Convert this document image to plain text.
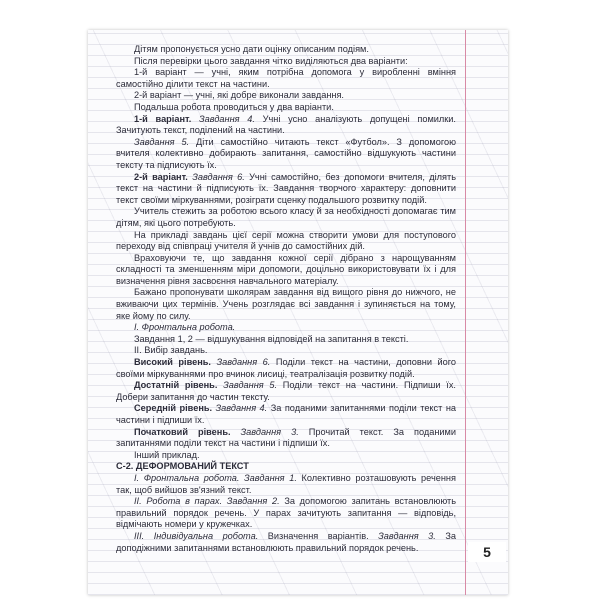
Дітям пропонується усно дати оцінку описаним подіям.

Після перевірки цього завдання чітко виділяються два варіанти:

1-й варіант — учні, яким потрібна допомога у виробленні вміння самостійно ділити текст на частини.

2-й варіант — учні, які добре виконали завдання.

Подальша робота проводиться у два варіанти.

1-й варіант. Завдання 4. Учні усно аналізують допущені помилки. Зачитують текст, поділений на частини.

Завдання 5. Діти самостійно читають текст «Футбол». З допомогою вчителя колективно добирають запитання, самостійно відшукують частини тексту та підписують їх.

2-й варіант. Завдання 6. Учні самостійно, без допомоги вчителя, ділять текст на частини й підписують їх. Завдання творчого характеру: доповнити текст своїми міркуваннями, розіграти сценку подальшого розвитку подій.

Учитель стежить за роботою всього класу й за необхідності допомагає тим дітям, які цього потребують.

На прикладі завдань цієї серії можна створити умови для поступового переходу від співпраці учителя й учнів до самостійних дій.

Враховуючи те, що завдання кожної серії дібрано з нарощуванням складності та зменшенням міри допомоги, доцільно використовувати їх і для визначення рівня засвоєння навчального матеріалу.

Бажано пропонувати школярам завдання від вищого рівня до нижчого, не вживаючи цих термінів. Учень розглядає всі завдання і зупиняється на тому, яке йому по силу.

І. Фронтальна робота.

Завдання 1, 2 — відшукування відповідей на запитання в тексті.

ІІ. Вибір завдань.

Високий рівень. Завдання 6. Поділи текст на частини, доповни його своїми міркуваннями про вчинок лисиці, театралізація розвитку подій.

Достатній рівень. Завдання 5. Поділи текст на частини. Підпиши їх. Добери запитання до частин тексту.

Середній рівень. Завдання 4. За поданими запитаннями поділи текст на частини і підпиши їх.

Початковий рівень. Завдання 3. Прочитай текст. За поданими запитаннями поділи текст на частини і підпиши їх.

Інший приклад.

С-2. ДЕФОРМОВАНИЙ ТЕКСТ

І. Фронтальна робота. Завдання 1. Колективно розташовують речення так, щоб вийшов зв'язний текст.

ІІ. Робота в парах. Завдання 2. За допомогою запитань встановлюють правильний порядок речень. У парах зачитують запитання — відповідь, відмічають номери у кружечках.

ІІІ. Індивідуальна робота. Визначення варіантів. Завдання 3. За доподіжними запитаннями встановлюють правильний порядок речень.	5
